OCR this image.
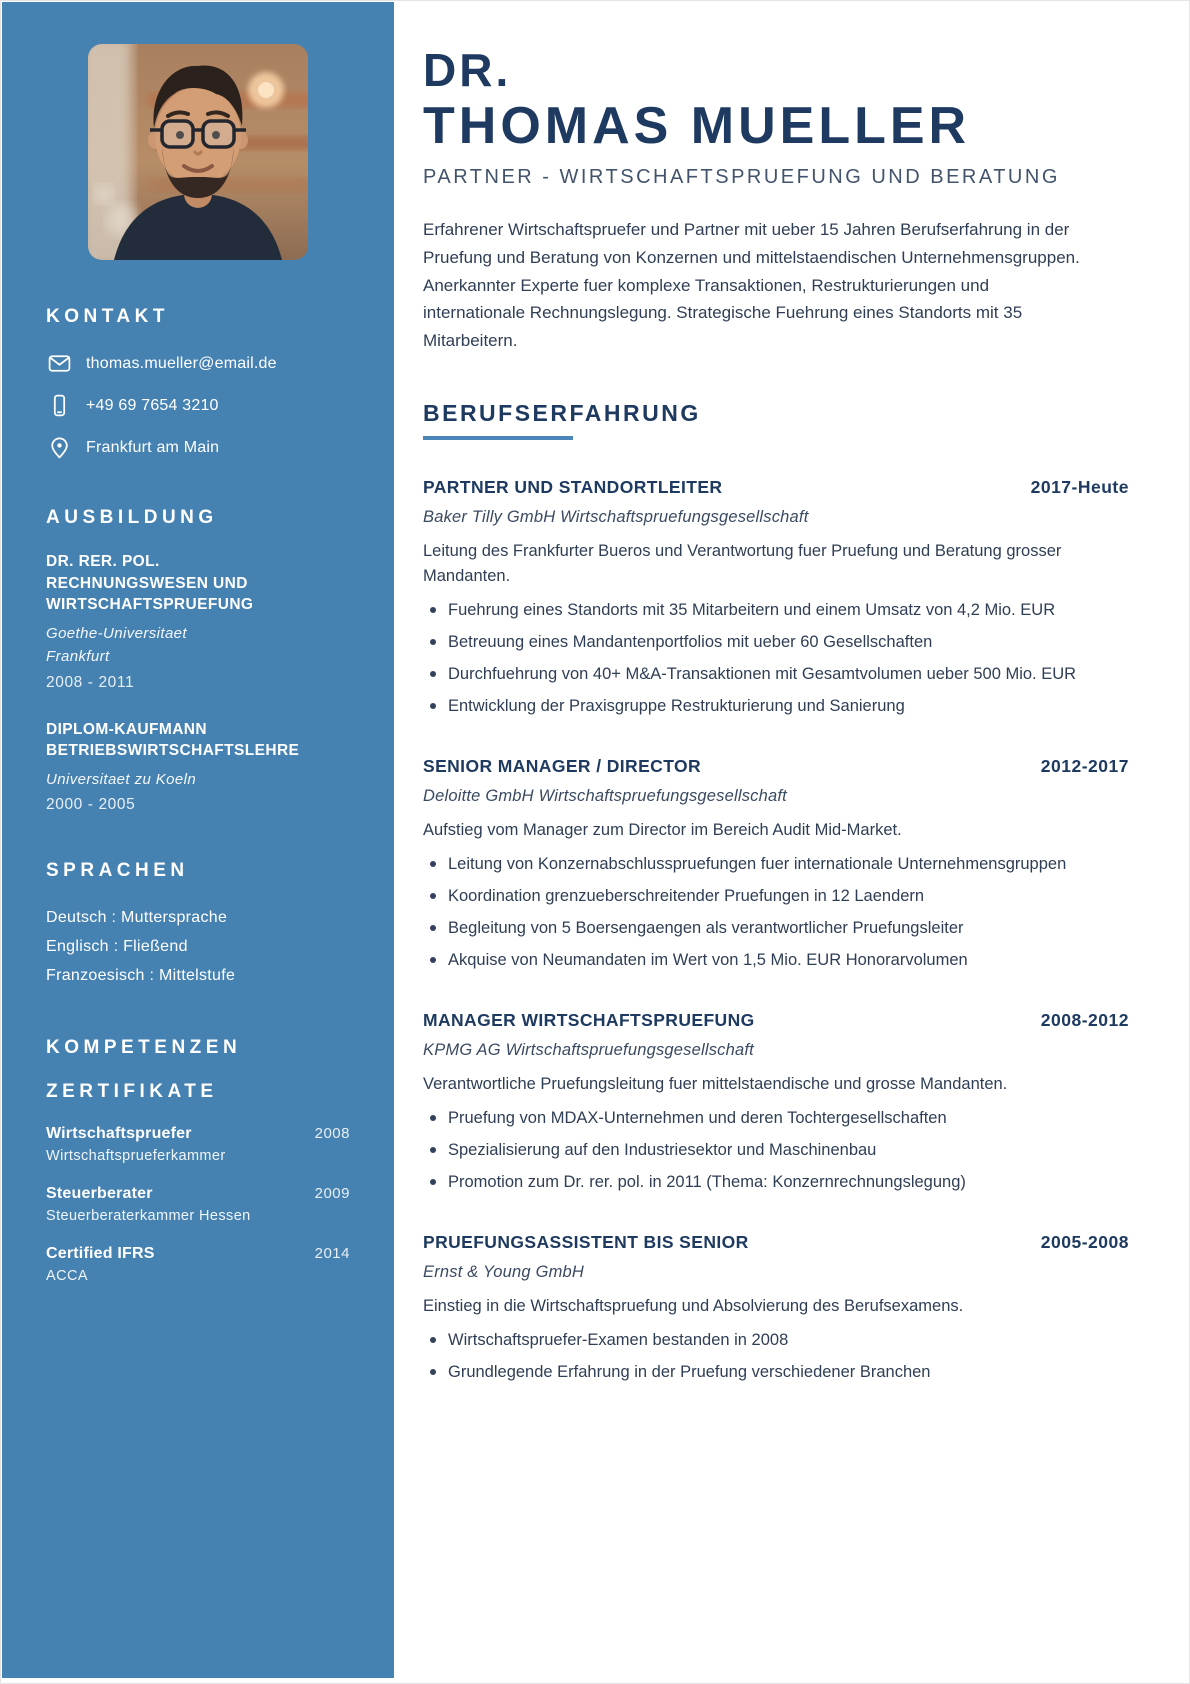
KONTAKT
thomas.mueller@email.de
+49 69 7654 3210
Frankfurt am Main
AUSBILDUNG
DR. RER. POL. RECHNUNGSWESEN UND WIRTSCHAFTSPRUEFUNG
Goethe-Universitaet
Frankfurt
2008 - 2011
DIPLOM-KAUFMANN BETRIEBSWIRTSCHAFTSLEHRE
Universitaet zu Koeln
2000 - 2005
SPRACHEN
Deutsch : Muttersprache
Englisch : Fließend
Franzoesisch : Mittelstufe
KOMPETENZEN
ZERTIFIKATE
Wirtschaftspruefer	2008
Wirtschaftsprueferkammer
Steuerberater	2009
Steuerberaterkammer Hessen
Certified IFRS	2014
ACCA
DR.
THOMAS MUELLER
PARTNER - WIRTSCHAFTSPRUEFUNG UND BERATUNG

Erfahrener Wirtschaftspruefer und Partner mit ueber 15 Jahren Berufserfahrung in der Pruefung und Beratung von Konzernen und mittelstaendischen Unternehmensgruppen. Anerkannter Experte fuer komplexe Transaktionen, Restrukturierungen und internationale Rechnungslegung. Strategische Fuehrung eines Standorts mit 35 Mitarbeitern.

BERUFSERFAHRUNG
PARTNER UND STANDORTLEITER	2017-Heute
Baker Tilly GmbH Wirtschaftspruefungsgesellschaft
Leitung des Frankfurter Bueros und Verantwortung fuer Pruefung und Beratung grosser Mandanten.
Fuehrung eines Standorts mit 35 Mitarbeitern und einem Umsatz von 4,2 Mio. EUR
Betreuung eines Mandantenportfolios mit ueber 60 Gesellschaften
Durchfuehrung von 40+ M&A-Transaktionen mit Gesamtvolumen ueber 500 Mio. EUR
Entwicklung der Praxisgruppe Restrukturierung und Sanierung
SENIOR MANAGER / DIRECTOR	2012-2017
Deloitte GmbH Wirtschaftspruefungsgesellschaft
Aufstieg vom Manager zum Director im Bereich Audit Mid-Market.
Leitung von Konzernabschlusspruefungen fuer internationale Unternehmensgruppen
Koordination grenzueberschreitender Pruefungen in 12 Laendern
Begleitung von 5 Boersengaengen als verantwortlicher Pruefungsleiter
Akquise von Neumandaten im Wert von 1,5 Mio. EUR Honorarvolumen
MANAGER WIRTSCHAFTSPRUEFUNG	2008-2012
KPMG AG Wirtschaftspruefungsgesellschaft
Verantwortliche Pruefungsleitung fuer mittelstaendische und grosse Mandanten.
Pruefung von MDAX-Unternehmen und deren Tochtergesellschaften
Spezialisierung auf den Industriesektor und Maschinenbau
Promotion zum Dr. rer. pol. in 2011 (Thema: Konzernrechnungslegung)
PRUEFUNGSASSISTENT BIS SENIOR	2005-2008
Ernst & Young GmbH
Einstieg in die Wirtschaftspruefung und Absolvierung des Berufsexamens.
Wirtschaftspruefer-Examen bestanden in 2008
Grundlegende Erfahrung in der Pruefung verschiedener Branchen
